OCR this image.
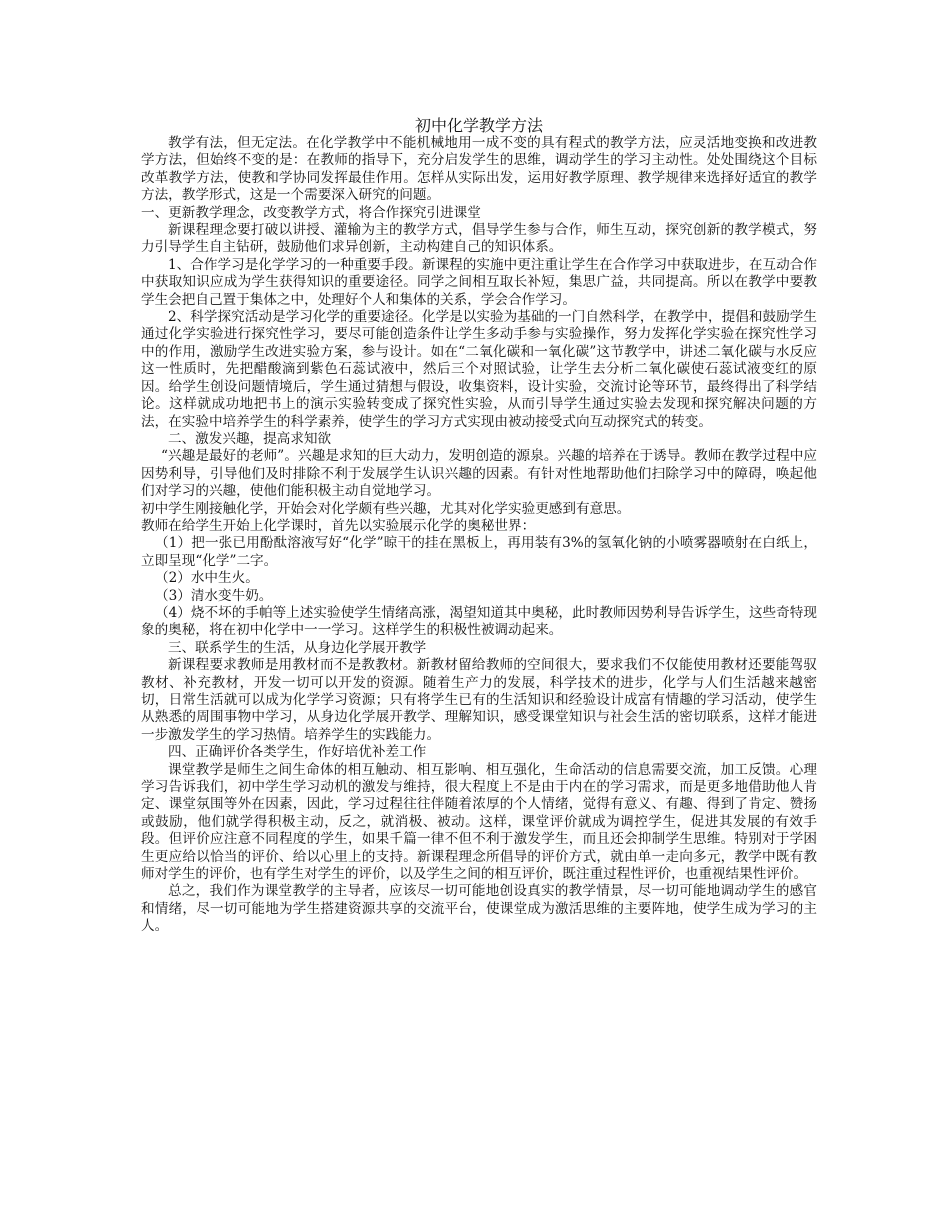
初中化学教学方法

教学有法，但无定法。在化学教学中不能机械地用一成不变的具有程式的教学方法，应灵活地变换和改进教学方法，但始终不变的是：在教师的指导下，充分启发学生的思维，调动学生的学习主动性。处处围绕这个目标改革教学方法，使教和学协同发挥最佳作用。怎样从实际出发，运用好教学原理、教学规律来选择好适宜的教学方法，教学形式，这是一个需要深入研究的问题。

一、更新教学理念，改变教学方式，将合作探究引进课堂

新课程理念要打破以讲授、灌输为主的教学方式，倡导学生参与合作，师生互动，探究创新的教学模式，努力引导学生自主钻研，鼓励他们求异创新，主动构建自己的知识体系。

1、合作学习是化学学习的一种重要手段。新课程的实施中更注重让学生在合作学习中获取进步，在互动合作中获取知识应成为学生获得知识的重要途径。同学之间相互取长补短，集思广益，共同提高。所以在教学中要教学生会把自己置于集体之中，处理好个人和集体的关系，学会合作学习。

2、科学探究活动是学习化学的重要途径。化学是以实验为基础的一门自然科学，在教学中，提倡和鼓励学生通过化学实验进行探究性学习，要尽可能创造条件让学生多动手参与实验操作，努力发挥化学实验在探究性学习中的作用，激励学生改进实验方案，参与设计。如在“二氧化碳和一氧化碳”这节教学中，讲述二氧化碳与水反应这一性质时，先把醋酸滴到紫色石蕊试液中，然后三个对照试验，让学生去分析二氧化碳使石蕊试液变红的原因。给学生创设问题情境后，学生通过猜想与假设，收集资料，设计实验，交流讨论等环节，最终得出了科学结论。这样就成功地把书上的演示实验转变成了探究性实验，从而引导学生通过实验去发现和探究解决问题的方法，在实验中培养学生的科学素养，使学生的学习方式实现由被动接受式向互动探究式的转变。

二、激发兴趣，提高求知欲

“兴趣是最好的老师”。兴趣是求知的巨大动力，发明创造的源泉。兴趣的培养在于诱导。教师在教学过程中应因势利导，引导他们及时排除不利于发展学生认识兴趣的因素。有针对性地帮助他们扫除学习中的障碍，唤起他们对学习的兴趣，使他们能积极主动自觉地学习。

初中学生刚接触化学，开始会对化学颇有些兴趣，尤其对化学实验更感到有意思。

教师在给学生开始上化学课时，首先以实验展示化学的奥秘世界：

（1）把一张已用酚酞溶液写好“化学”晾干的挂在黑板上，再用装有3%的氢氧化钠的小喷雾器喷射在白纸上，立即呈现“化学”二字。

（2）水中生火。

（3）清水变牛奶。

（4）烧不坏的手帕等上述实验使学生情绪高涨，渴望知道其中奥秘，此时教师因势利导告诉学生，这些奇特现象的奥秘，将在初中化学中一一学习。这样学生的积极性被调动起来。

三、联系学生的生活，从身边化学展开教学

新课程要求教师是用教材而不是教教材。新教材留给教师的空间很大，要求我们不仅能使用教材还要能驾驭教材、补充教材，开发一切可以开发的资源。随着生产力的发展，科学技术的进步，化学与人们生活越来越密切，日常生活就可以成为化学学习资源；只有将学生已有的生活知识和经验设计成富有情趣的学习活动，使学生从熟悉的周围事物中学习，从身边化学展开教学、理解知识，感受课堂知识与社会生活的密切联系，这样才能进一步激发学生的学习热情。培养学生的实践能力。

四、正确评价各类学生，作好培优补差工作

课堂教学是师生之间生命体的相互触动、相互影响、相互强化，生命活动的信息需要交流，加工反馈。心理学习告诉我们，初中学生学习动机的激发与维持，很大程度上不是由于内在的学习需求，而是更多地借助他人肯定、课堂氛围等外在因素，因此，学习过程往往伴随着浓厚的个人情绪，觉得有意义、有趣、得到了肯定、赞扬或鼓励，他们就学得积极主动，反之，就消极、被动。这样，课堂评价就成为调控学生，促进其发展的有效手段。但评价应注意不同程度的学生，如果千篇一律不但不利于激发学生，而且还会抑制学生思维。特别对于学困生更应给以恰当的评价、给以心里上的支持。新课程理念所倡导的评价方式，就由单一走向多元，教学中既有教师对学生的评价，也有学生对学生的评价，以及学生之间的相互评价，既注重过程性评价，也重视结果性评价。

总之，我们作为课堂教学的主导者，应该尽一切可能地创设真实的教学情景，尽一切可能地调动学生的感官和情绪，尽一切可能地为学生搭建资源共享的交流平台，使课堂成为激活思维的主要阵地，使学生成为学习的主人。
